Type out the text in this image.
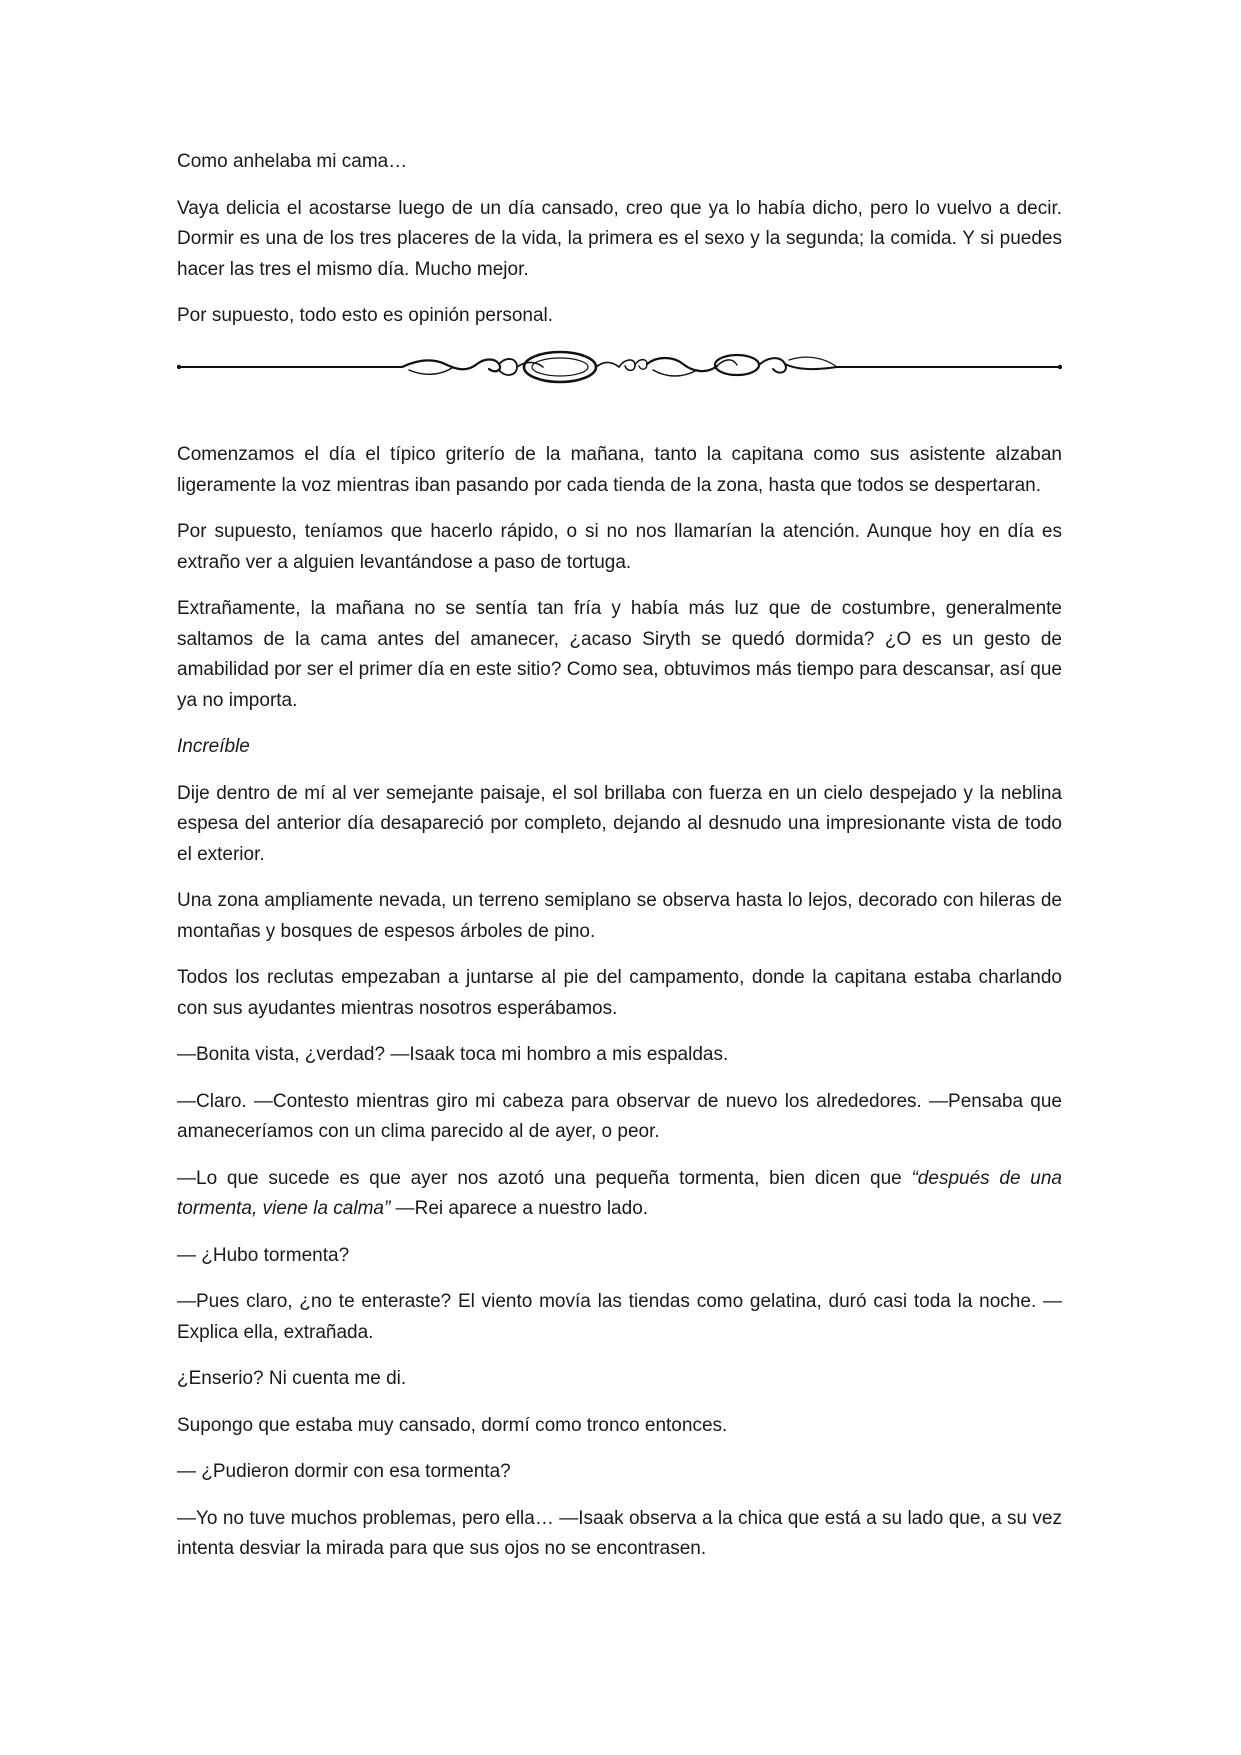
Como anhelaba mi cama…

Vaya delicia el acostarse luego de un día cansado, creo que ya lo había dicho, pero lo vuelvo a decir. Dormir es una de los tres placeres de la vida, la primera es el sexo y la segunda; la comida. Y si puedes hacer las tres el mismo día. Mucho mejor.

Por supuesto, todo esto es opinión personal.

Comenzamos el día el típico griterío de la mañana, tanto la capitana como sus asistente alzaban ligeramente la voz mientras iban pasando por cada tienda de la zona, hasta que todos se despertaran.

Por supuesto, teníamos que hacerlo rápido, o si no nos llamarían la atención. Aunque hoy en día es extraño ver a alguien levantándose a paso de tortuga.

Extrañamente, la mañana no se sentía tan fría y había más luz que de costumbre, generalmente saltamos de la cama antes del amanecer, ¿acaso Siryth se quedó dormida? ¿O es un gesto de amabilidad por ser el primer día en este sitio? Como sea, obtuvimos más tiempo para descansar, así que ya no importa.

Increíble

Dije dentro de mí al ver semejante paisaje, el sol brillaba con fuerza en un cielo despejado y la neblina espesa del anterior día desapareció por completo, dejando al desnudo una impresionante vista de todo el exterior.

Una zona ampliamente nevada, un terreno semiplano se observa hasta lo lejos, decorado con hileras de montañas y bosques de espesos árboles de pino.

Todos los reclutas empezaban a juntarse al pie del campamento, donde la capitana estaba charlando con sus ayudantes mientras nosotros esperábamos.

—Bonita vista, ¿verdad? —Isaak toca mi hombro a mis espaldas.

—Claro. —Contesto mientras giro mi cabeza para observar de nuevo los alrededores. —Pensaba que amaneceríamos con un clima parecido al de ayer, o peor.

—Lo que sucede es que ayer nos azotó una pequeña tormenta, bien dicen que “después de una tormenta, viene la calma” —Rei aparece a nuestro lado.

— ¿Hubo tormenta?

—Pues claro, ¿no te enteraste? El viento movía las tiendas como gelatina, duró casi toda la noche. —Explica ella, extrañada.

¿Enserio? Ni cuenta me di.

Supongo que estaba muy cansado, dormí como tronco entonces.

— ¿Pudieron dormir con esa tormenta?

—Yo no tuve muchos problemas, pero ella… —Isaak observa a la chica que está a su lado que, a su vez intenta desviar la mirada para que sus ojos no se encontrasen.
